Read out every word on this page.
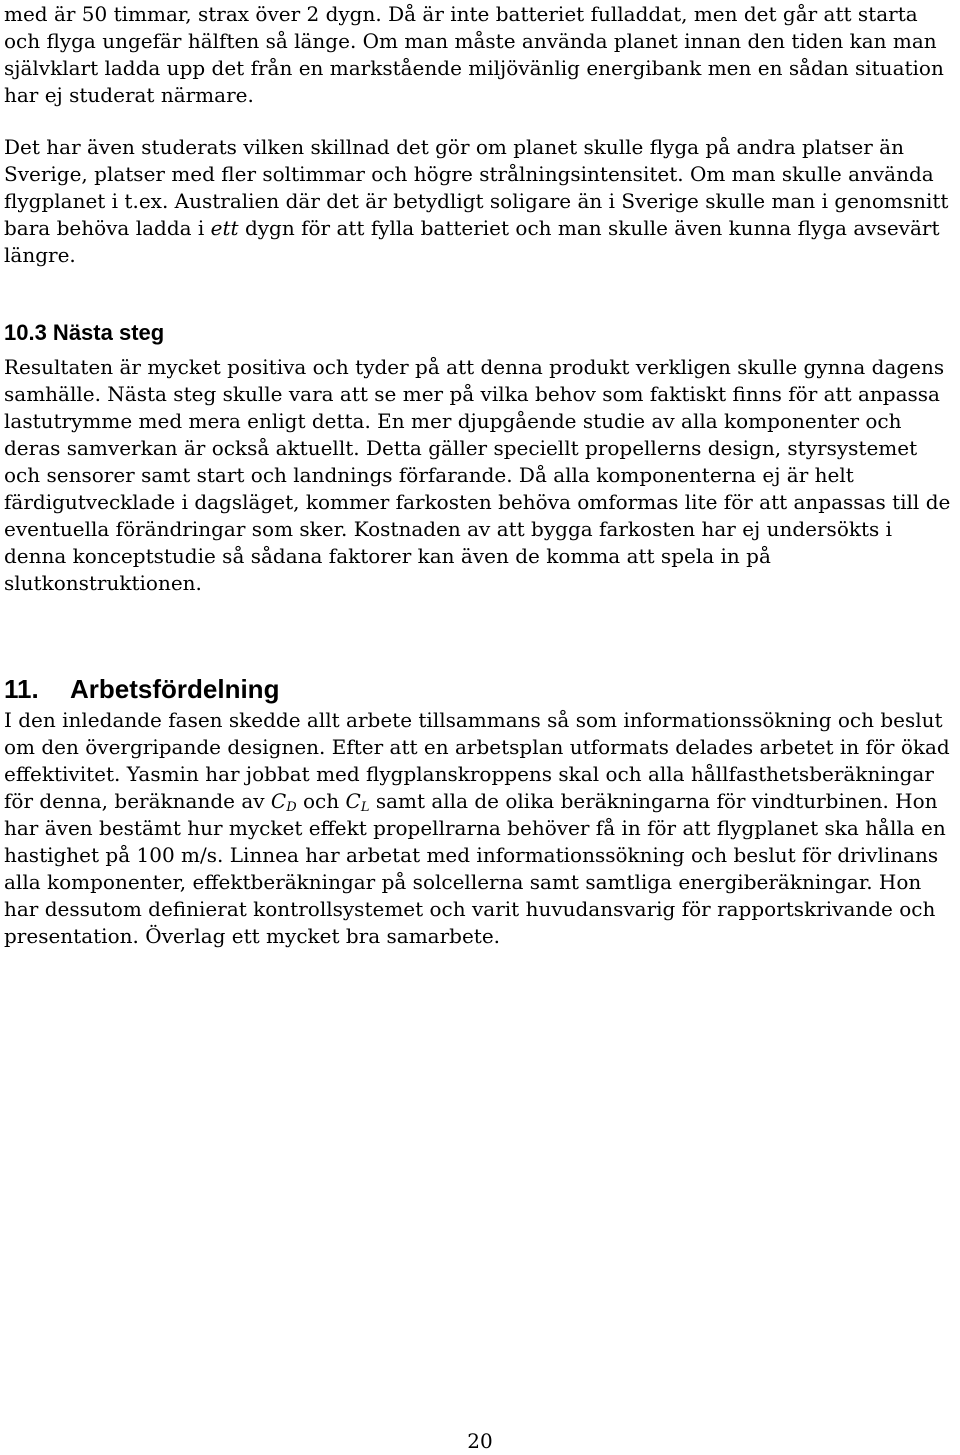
med är 50 timmar, strax över 2 dygn. Då är inte batteriet fulladdat, men det går att starta och flyga ungefär hälften så länge. Om man måste använda planet innan den tiden kan man självklart ladda upp det från en markstående miljövänlig energibank men en sådan situation har ej studerat närmare.

Det har även studerats vilken skillnad det gör om planet skulle flyga på andra platser än Sverige, platser med fler soltimmar och högre strålningsintensitet. Om man skulle använda flygplanet i t.ex. Australien där det är betydligt soligare än i Sverige skulle man i genomsnitt bara behöva ladda i ett dygn för att fylla batteriet och man skulle även kunna flyga avsevärt längre.

10.3 Nästa steg

Resultaten är mycket positiva och tyder på att denna produkt verkligen skulle gynna dagens samhälle. Nästa steg skulle vara att se mer på vilka behov som faktiskt finns för att anpassa lastutrymme med mera enligt detta. En mer djupgående studie av alla komponenter och deras samverkan är också aktuellt. Detta gäller speciellt propellerns design, styrsystemet och sensorer samt start och landnings förfarande. Då alla komponenterna ej är helt färdigutvecklade i dagsläget, kommer farkosten behöva omformas lite för att anpassas till de eventuella förändringar som sker. Kostnaden av att bygga farkosten har ej undersökts i denna konceptstudie så sådana faktorer kan även de komma att spela in på slutkonstruktionen.

11. Arbetsfördelning

I den inledande fasen skedde allt arbete tillsammans så som informationssökning och beslut om den övergripande designen. Efter att en arbetsplan utformats delades arbetet in för ökad effektivitet. Yasmin har jobbat med flygplanskroppens skal och alla hållfasthetsberäkningar för denna, beräknande av $C_D$ och $C_L$ samt alla de olika beräkningarna för vindturbinen. Hon har även bestämt hur mycket effekt propellrarna behöver få in för att flygplanet ska hålla en hastighet på 100 m/s. Linnea har arbetat med informationssökning och beslut för drivlinans alla komponenter, effektberäkningar på solcellerna samt samtliga energiberäkningar. Hon har dessutom definierat kontrollsystemet och varit huvudansvarig för rapportskrivande och presentation. Överlag ett mycket bra samarbete.

20
